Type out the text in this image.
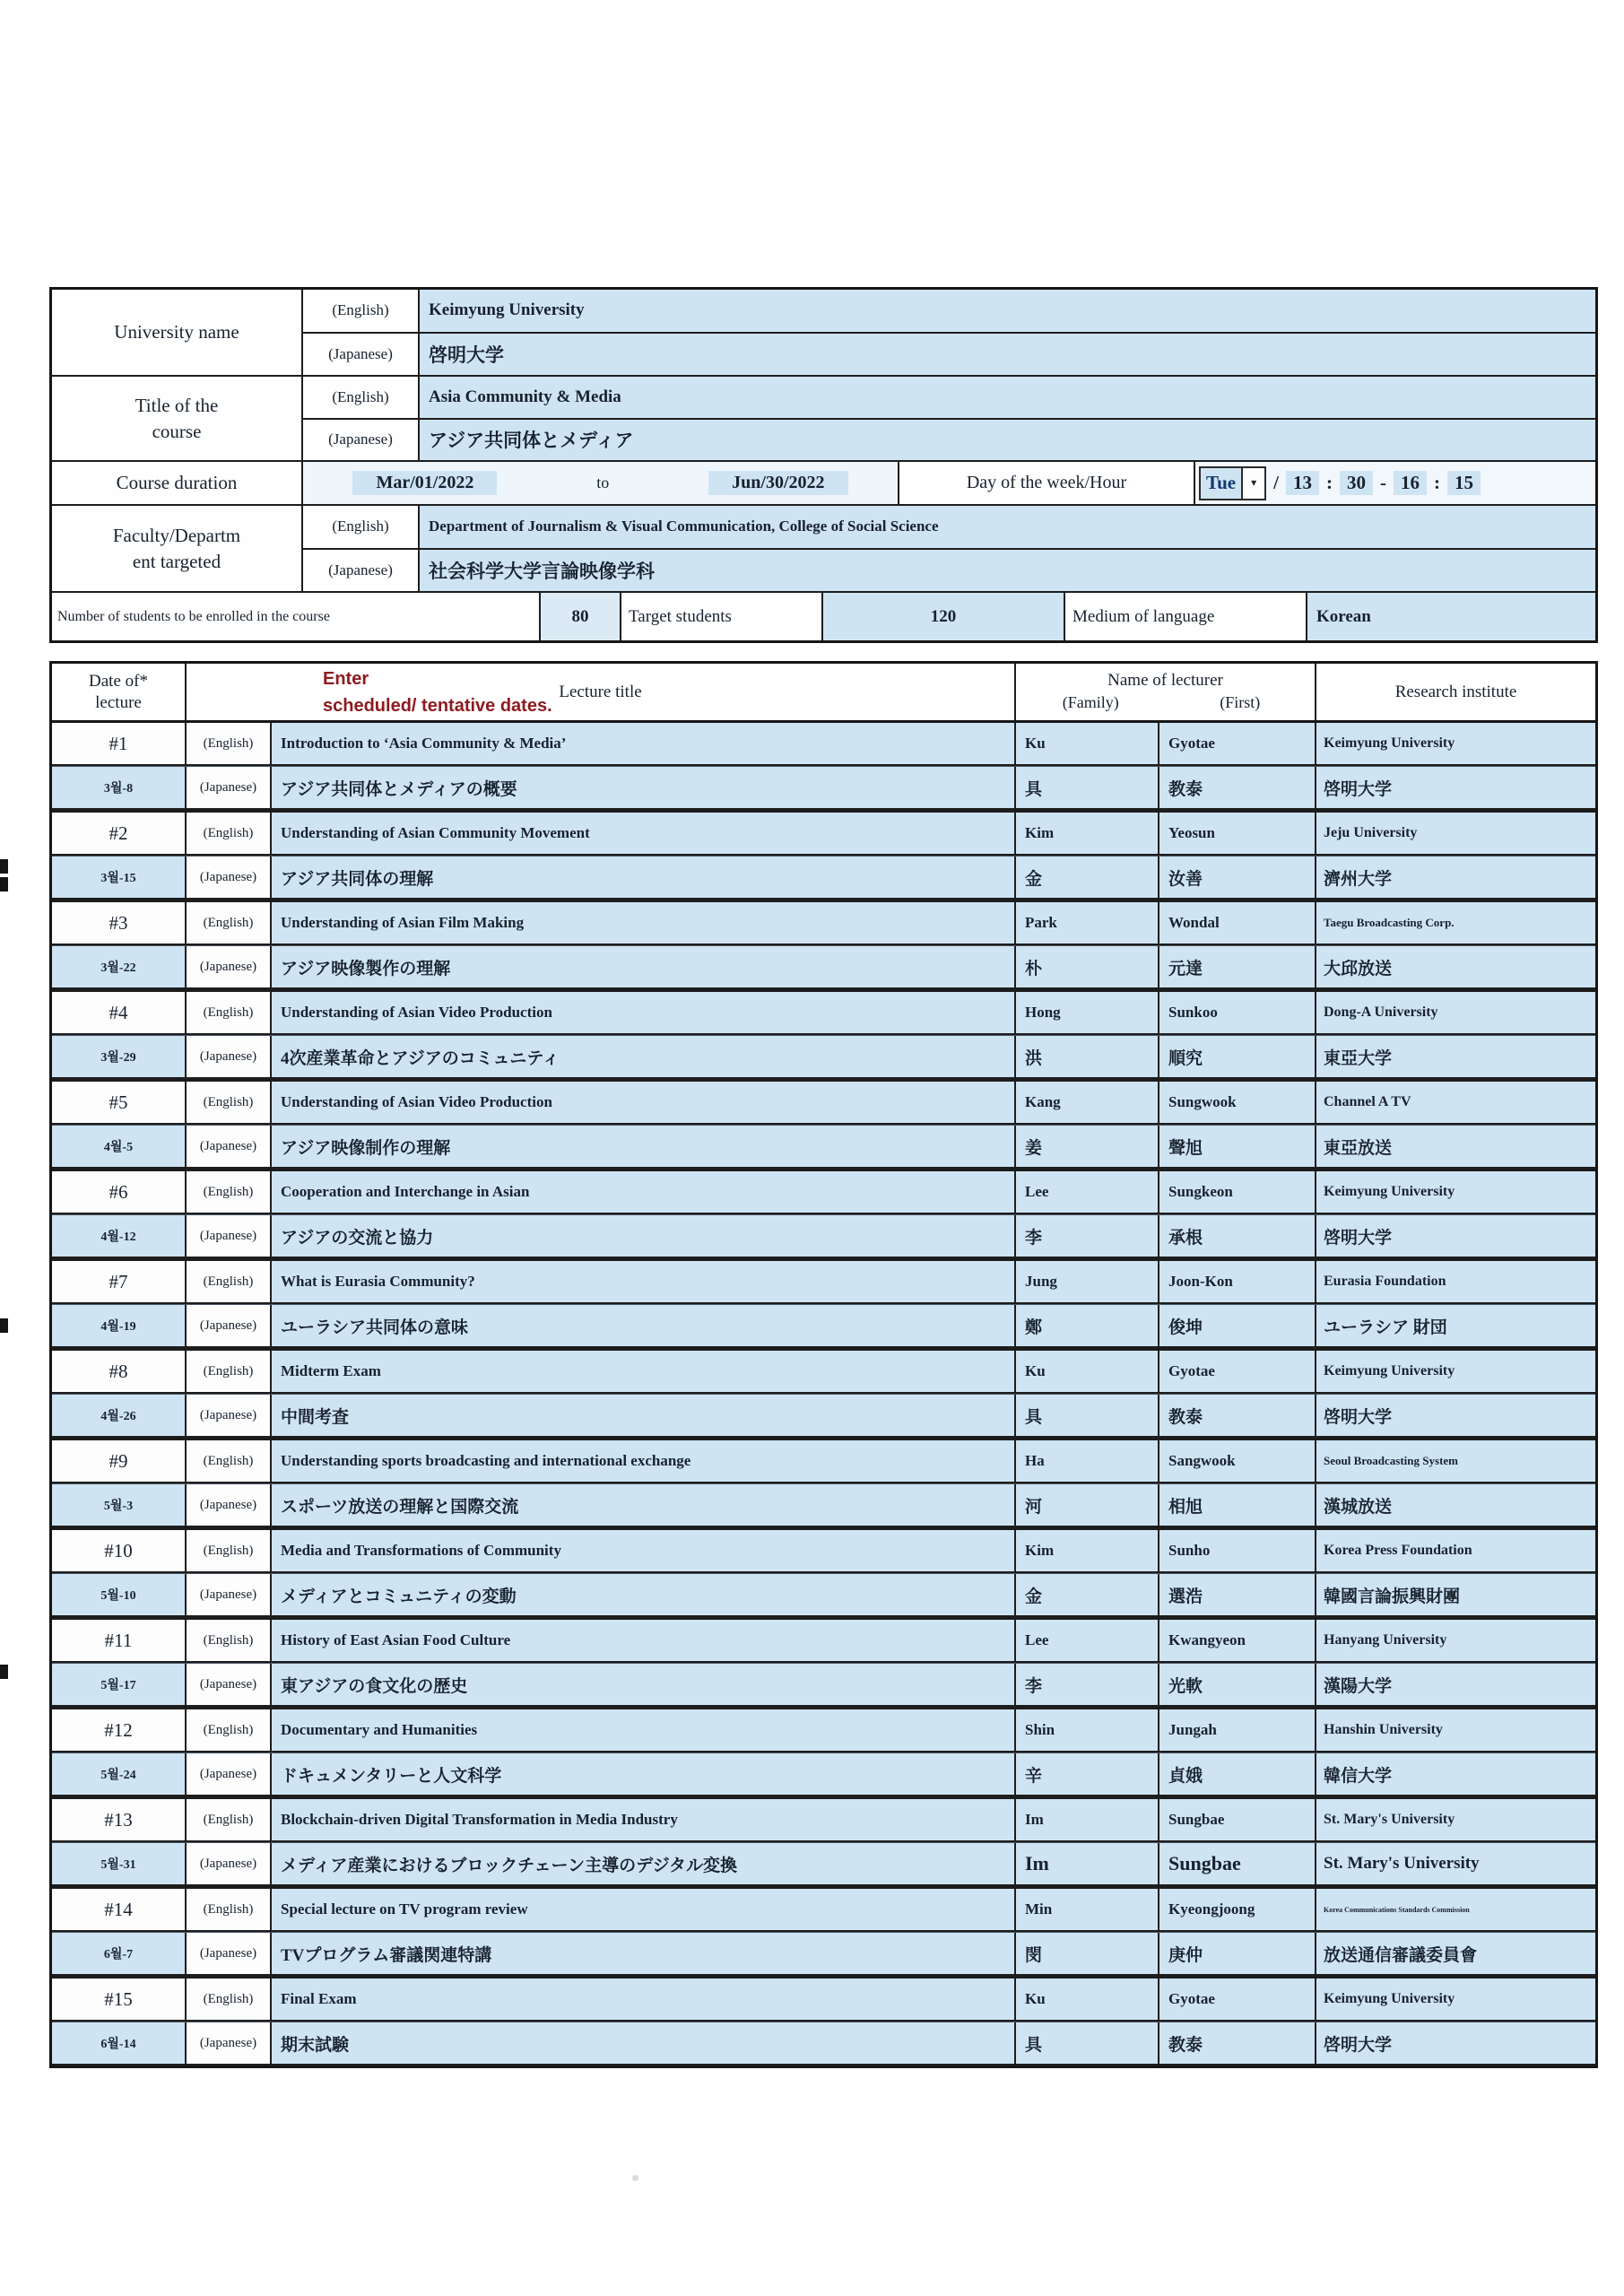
University name
(English)	Keimyung University
(Japanese)	啓明大学
Title of the
course
(English)	Asia Community & Media
(Japanese)	アジア共同体とメディア
Course duration	Mar/01/2022	to	Jun/30/2022	Day of the week/Hour	Tue	▾ / 13 : 30 - 16 : 15
Faculty/Departm
ent targeted
(English)	Department of Journalism & Visual Communication, College of Social Science
(Japanese)	社会科学大学言論映像学科
Number of students to be enrolled in the course	80	Target students	120	Medium of language	Korean
Date of*
lecture
Lecture title
Enter
scheduled/ tentative dates.
Name of lecturer
(Family)	(First)
Research institute
#1	(English)	Introduction to ‘Asia Community & Media’	Ku	Gyotae	Keimyung University
3월-8	(Japanese)	アジア共同体とメディアの概要	具	教泰	啓明大学
#2	(English)	Understanding of Asian Community Movement	Kim	Yeosun	Jeju University
3월-15	(Japanese)	アジア共同体の理解	金	汝善	濟州大学
#3	(English)	Understanding of Asian Film Making	Park	Wondal	Taegu Broadcasting Corp.
3월-22	(Japanese)	アジア映像製作の理解	朴	元達	大邱放送
#4	(English)	Understanding of Asian Video Production	Hong	Sunkoo	Dong-A University
3월-29	(Japanese)	4次産業革命とアジアのコミュニティ	洪	順究	東亞大学
#5	(English)	Understanding of Asian Video Production	Kang	Sungwook	Channel A TV
4월-5	(Japanese)	アジア映像制作の理解	姜	聲旭	東亞放送
#6	(English)	Cooperation and Interchange in Asian	Lee	Sungkeon	Keimyung University
4월-12	(Japanese)	アジアの交流と協力	李	承根	啓明大学
#7	(English)	What is Eurasia Community?	Jung	Joon-Kon	Eurasia Foundation
4월-19	(Japanese)	ユーラシア共同体の意味	鄭	俊坤	ユーラシア 財団
#8	(English)	Midterm Exam	Ku	Gyotae	Keimyung University
4월-26	(Japanese)	中間考査	具	教泰	啓明大学
#9	(English)	Understanding sports broadcasting and international exchange	Ha	Sangwook	Seoul Broadcasting System
5월-3	(Japanese)	スポーツ放送の理解と国際交流	河	相旭	漢城放送
#10	(English)	Media and Transformations of Community	Kim	Sunho	Korea Press Foundation
5월-10	(Japanese)	メディアとコミュニティの変動	金	選浩	韓國言論振興財團
#11	(English)	History of East Asian Food Culture	Lee	Kwangyeon	Hanyang University
5월-17	(Japanese)	東アジアの食文化の歴史	李	光軟	漢陽大学
#12	(English)	Documentary and Humanities	Shin	Jungah	Hanshin University
5월-24	(Japanese)	ドキュメンタリーと人文科学	辛	貞娥	韓信大学
#13	(English)	Blockchain-driven Digital Transformation in Media Industry	Im	Sungbae	St. Mary's University
5월-31	(Japanese)	メディア産業におけるブロックチェーン主導のデジタル変換	Im	Sungbae	St. Mary's University
#14	(English)	Special lecture on TV program review	Min	Kyeongjoong	Korea Communications Standards Commission
6월-7	(Japanese)	TVプログラム審議関連特講	閔	庚仲	放送通信審議委員會
#15	(English)	Final Exam	Ku	Gyotae	Keimyung University
6월-14	(Japanese)	期末試験	具	教泰	啓明大学
